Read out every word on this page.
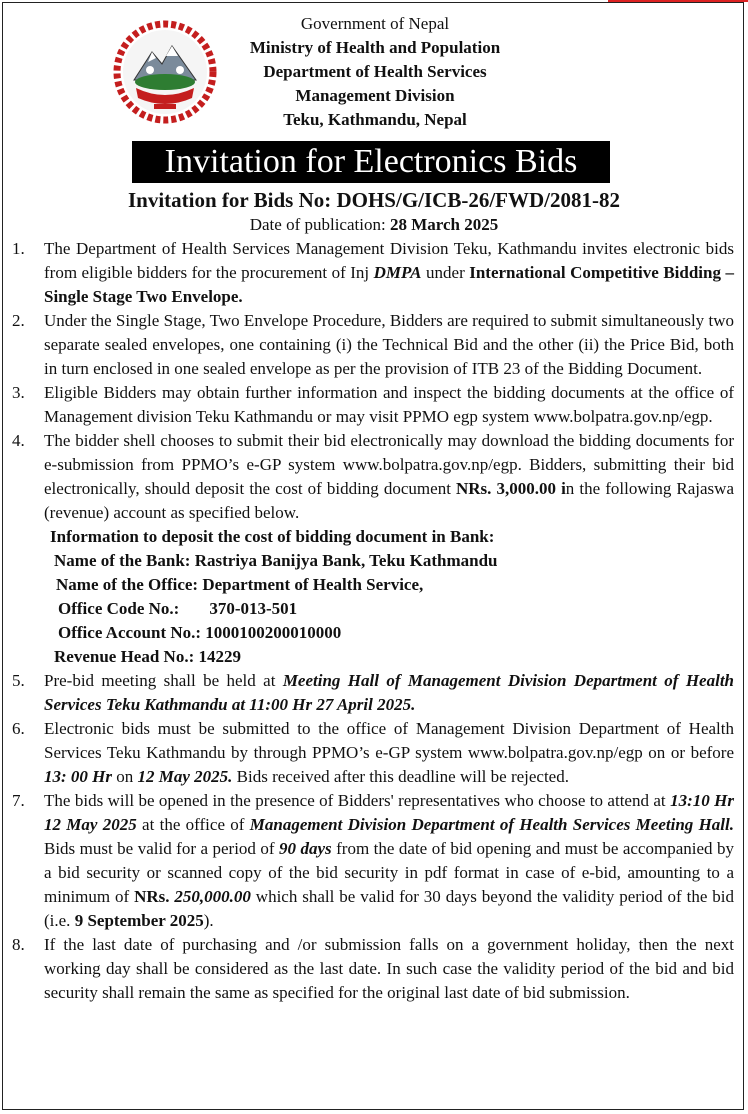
Government of Nepal
Ministry of Health and Population
Department of Health Services
Management Division
Teku, Kathmandu, Nepal
Invitation for Electronics Bids
Invitation for Bids No: DOHS/G/ICB-26/FWD/2081-82
Date of publication: 28 March 2025
1. The Department of Health Services Management Division Teku, Kathmandu invites electronic bids from eligible bidders for the procurement of Inj DMPA under International Competitive Bidding – Single Stage Two Envelope.
2. Under the Single Stage, Two Envelope Procedure, Bidders are required to submit simultaneously two separate sealed envelopes, one containing (i) the Technical Bid and the other (ii) the Price Bid, both in turn enclosed in one sealed envelope as per the provision of ITB 23 of the Bidding Document.
3. Eligible Bidders may obtain further information and inspect the bidding documents at the office of Management division Teku Kathmandu or may visit PPMO egp system www.bolpatra.gov.np/egp.
4. The bidder shell chooses to submit their bid electronically may download the bidding documents for e-submission from PPMO’s e-GP system www.bolpatra.gov.np/egp. Bidders, submitting their bid electronically, should deposit the cost of bidding document NRs. 3,000.00 in the following Rajaswa (revenue) account as specified below.
Information to deposit the cost of bidding document in Bank:
Name of the Bank: Rastriya Banijya Bank, Teku Kathmandu
Name of the Office: Department of Health Service,
Office Code No.: 370-013-501
Office Account No.: 1000100200010000
Revenue Head No.: 14229
5. Pre-bid meeting shall be held at Meeting Hall of Management Division Department of Health Services Teku Kathmandu at 11:00 Hr 27 April 2025.
6. Electronic bids must be submitted to the office of Management Division Department of Health Services Teku Kathmandu by through PPMO’s e-GP system www.bolpatra.gov.np/egp on or before 13: 00 Hr on 12 May 2025. Bids received after this deadline will be rejected.
7. The bids will be opened in the presence of Bidders' representatives who choose to attend at 13:10 Hr 12 May 2025 at the office of Management Division Department of Health Services Meeting Hall. Bids must be valid for a period of 90 days from the date of bid opening and must be accompanied by a bid security or scanned copy of the bid security in pdf format in case of e-bid, amounting to a minimum of NRs. 250,000.00 which shall be valid for 30 days beyond the validity period of the bid (i.e. 9 September 2025).
8. If the last date of purchasing and /or submission falls on a government holiday, then the next working day shall be considered as the last date. In such case the validity period of the bid and bid security shall remain the same as specified for the original last date of bid submission.
